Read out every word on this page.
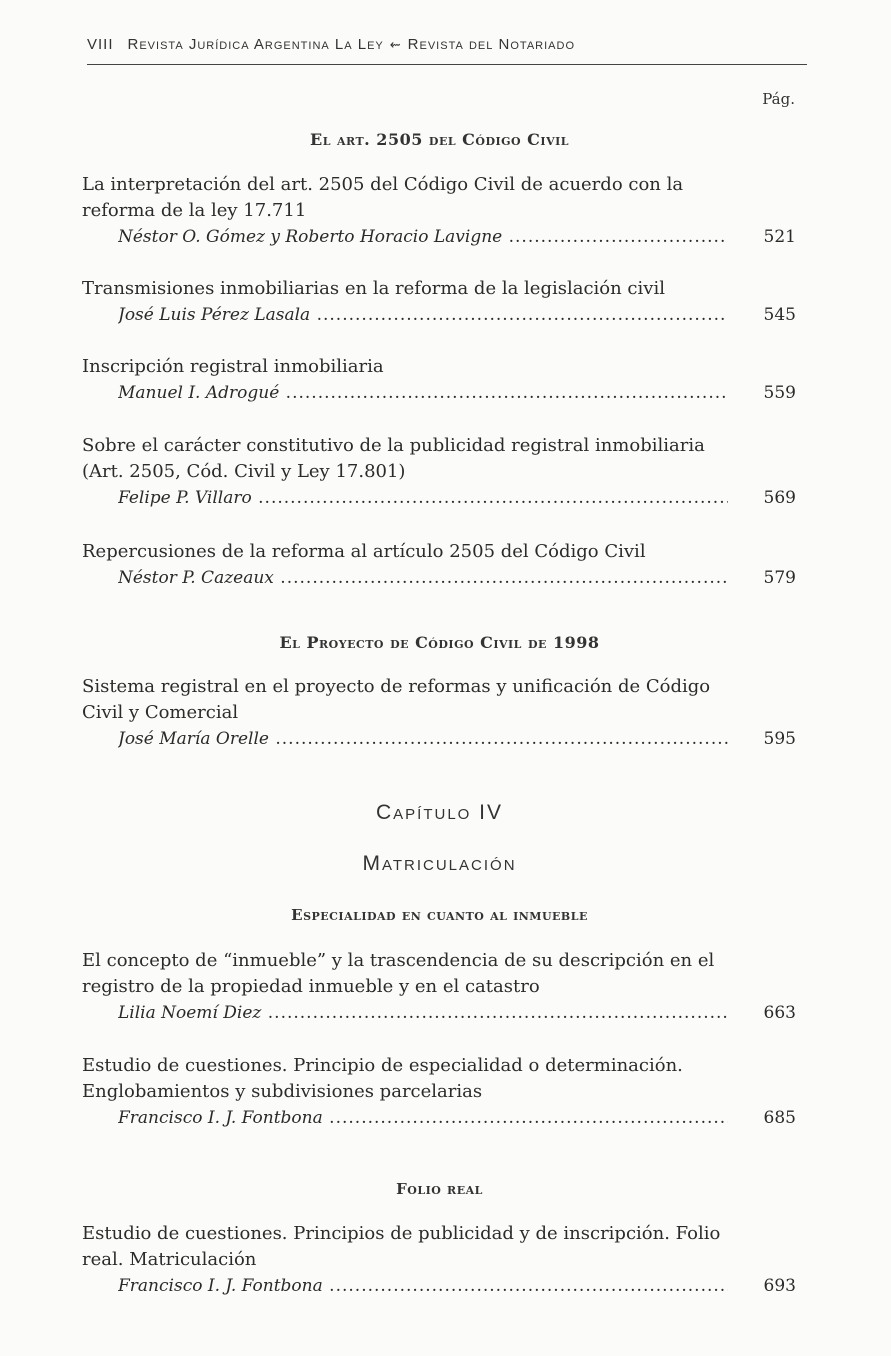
VIII Revista Jurídica Argentina La Ley ⇜ Revista del Notariado
Pág.
El art. 2505 del Código Civil
La interpretación del art. 2505 del Código Civil de acuerdo con la reforma de la ley 17.711
Néstor O. Gómez y Roberto Horacio Lavigne .....	521
Transmisiones inmobiliarias en la reforma de la legislación civil
José Luis Pérez Lasala .....	545
Inscripción registral inmobiliaria
Manuel I. Adrogué .....	559
Sobre el carácter constitutivo de la publicidad registral inmobiliaria (Art. 2505, Cód. Civil y Ley 17.801)
Felipe P. Villaro .....	569
Repercusiones de la reforma al artículo 2505 del Código Civil
Néstor P. Cazeaux .....	579
El Proyecto de Código Civil de 1998
Sistema registral en el proyecto de reformas y unificación de Código Civil y Comercial
José María Orelle .....	595
Capítulo IV
Matriculación
Especialidad en cuanto al inmueble
El concepto de “inmueble” y la trascendencia de su descripción en el registro de la propiedad inmueble y en el catastro
Lilia Noemí Diez .....	663
Estudio de cuestiones. Principio de especialidad o determinación. Englobamientos y subdivisiones parcelarias
Francisco I. J. Fontbona .....	685
Folio real
Estudio de cuestiones. Principios de publicidad y de inscripción. Folio real. Matriculación
Francisco I. J. Fontbona .....	693
